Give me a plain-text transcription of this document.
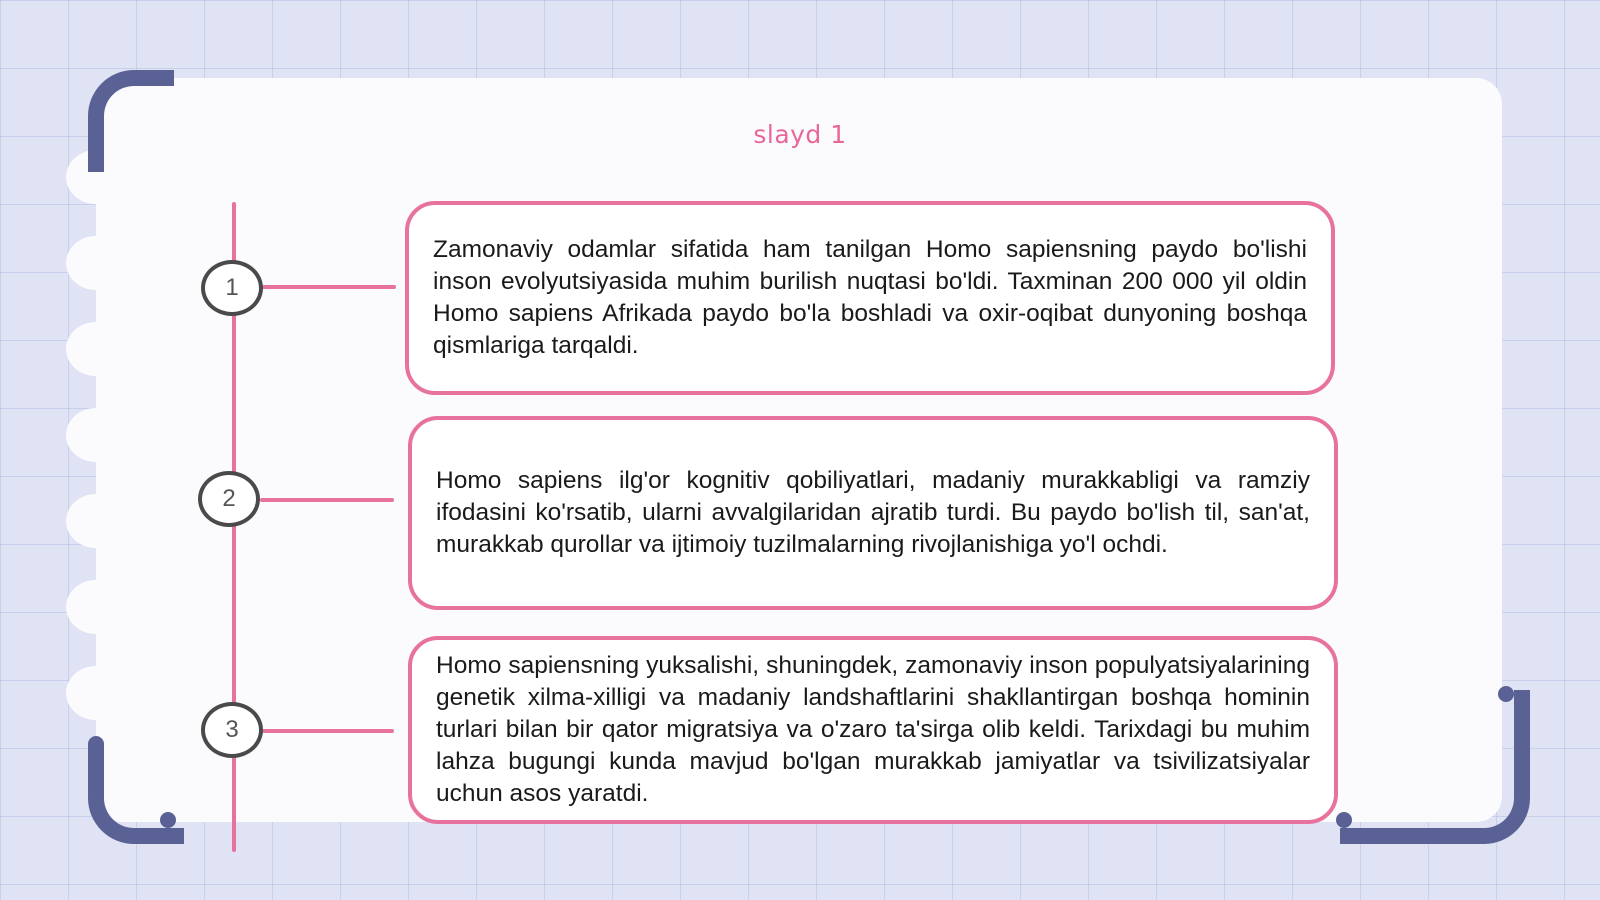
slayd 1
1
2
3

Zamonaviy odamlar sifatida ham tanilgan Homo sapiensning paydo bo'lishi inson evolyutsiyasida muhim burilish nuqtasi bo'ldi. Taxminan 200 000 yil oldin Homo sapiens Afrikada paydo bo'la boshladi va oxir-oqibat dunyoning boshqa qismlariga tarqaldi.

Homo sapiens ilg'or kognitiv qobiliyatlari, madaniy murakkabligi va ramziy ifodasini ko'rsatib, ularni avvalgilaridan ajratib turdi. Bu paydo bo'lish til, san'at, murakkab qurollar va ijtimoiy tuzilmalarning rivojlanishiga yo'l ochdi.

Homo sapiensning yuksalishi, shuningdek, zamonaviy inson populyatsiyalarining genetik xilma-xilligi va madaniy landshaftlarini shakllantirgan boshqa hominin turlari bilan bir qator migratsiya va o'zaro ta'sirga olib keldi. Tarixdagi bu muhim lahza bugungi kunda mavjud bo'lgan murakkab jamiyatlar va tsivilizatsiyalar uchun asos yaratdi.
